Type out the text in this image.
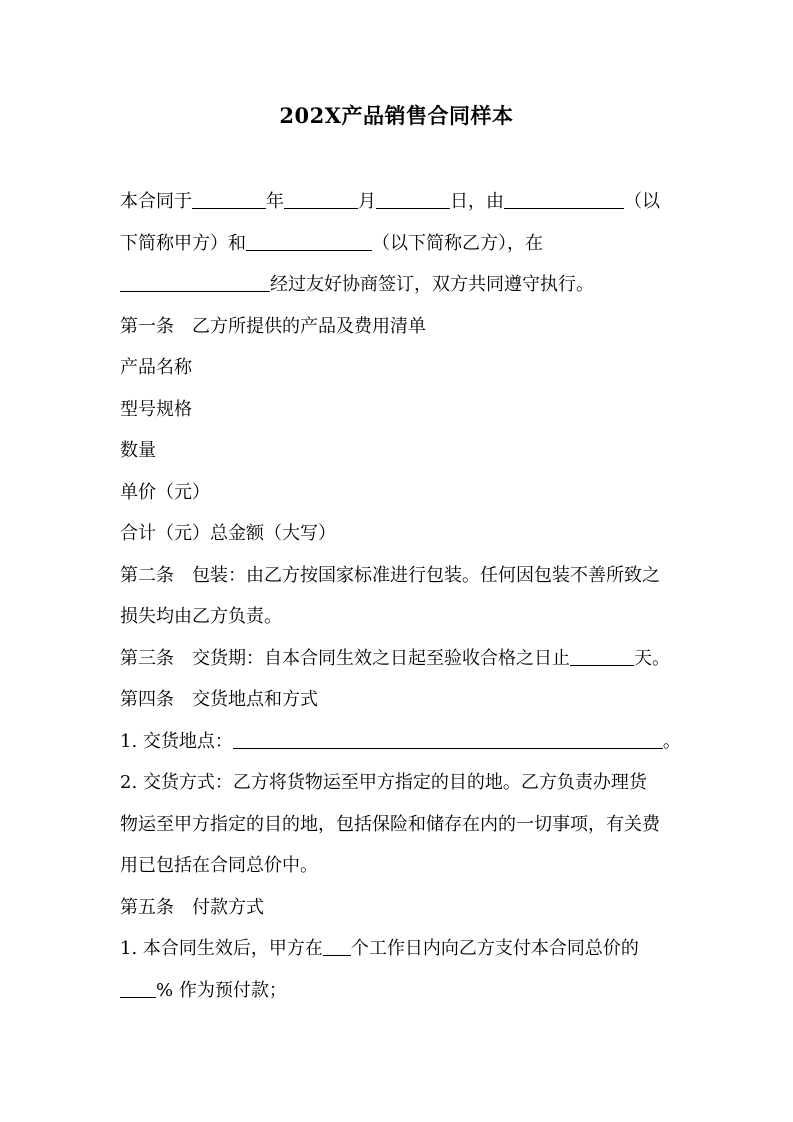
202X产品销售合同样本
本合同于	年	月	日，由	（以
下简称甲方）和	（以下简称乙方），在
经过友好协商签订，双方共同遵守执行。
第一条 乙方所提供的产品及费用清单
产品名称
型号规格
数量
单价（元）
合计（元）总金额（大写）
第二条 包装：由乙方按国家标准进行包装。任何因包装不善所致之
损失均由乙方负责。
第三条 交货期：自本合同生效之日起至验收合格之日止	天。
第四条 交货地点和方式
1. 交货地点：	。
2. 交货方式：乙方将货物运至甲方指定的目的地。乙方负责办理货
物运至甲方指定的目的地，包括保险和储存在内的一切事项，有关费
用已包括在合同总价中。
第五条 付款方式
1. 本合同生效后，甲方在 个工作日内向乙方支付本合同总价的
% 作为预付款；
